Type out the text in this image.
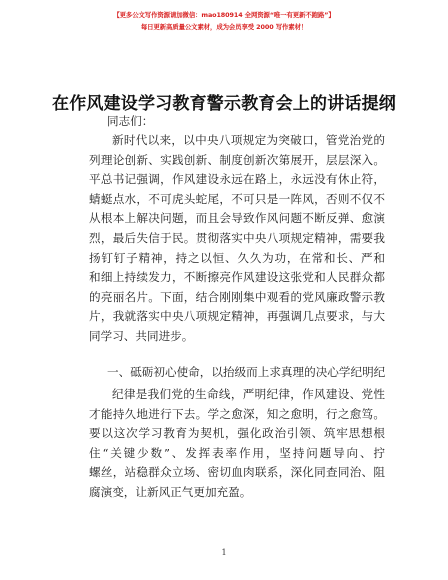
【更多公文写作资源请加微信：mao180914 全网资源“唯一有更新不跑路”】
每日更新高质量公文素材，成为会员享受 2000 写作素材！
在作风建设学习教育警示教育会上的讲话提纲
同志们：
新时代以来，以中央八项规定为突破口，管党治党的
列理论创新、实践创新、制度创新次第展开，层层深入。
平总书记强调，作风建设永远在路上，永远没有休止符，
蜻蜓点水，不可虎头蛇尾，不可只是一阵风，否则不仅不
从根本上解决问题，而且会导致作风问题不断反弹、愈演
烈，最后失信于民。贯彻落实中央八项规定精神，需要我
扬钉钉子精神，持之以恒、久久为功，在常和长、严和
和细上持续发力，不断擦亮作风建设这张党和人民群众都
的亮丽名片。下面，结合刚刚集中观看的党风廉政警示教
片，我就落实中央八项规定精神，再强调几点要求，与大
同学习、共同进步。
一、砥砺初心使命，以抬级而上求真理的决心学纪明纪
纪律是我们党的生命线，严明纪律，作风建设、党性
才能持久地进行下去。学之愈深，知之愈明，行之愈笃。
要以这次学习教育为契机，强化政治引领、筑牢思想根
住“关键少数”、发挥表率作用，坚持问题导向、拧
螺丝，站稳群众立场、密切血肉联系，深化同查同治、阻
腐演变，让新风正气更加充盈。
1
